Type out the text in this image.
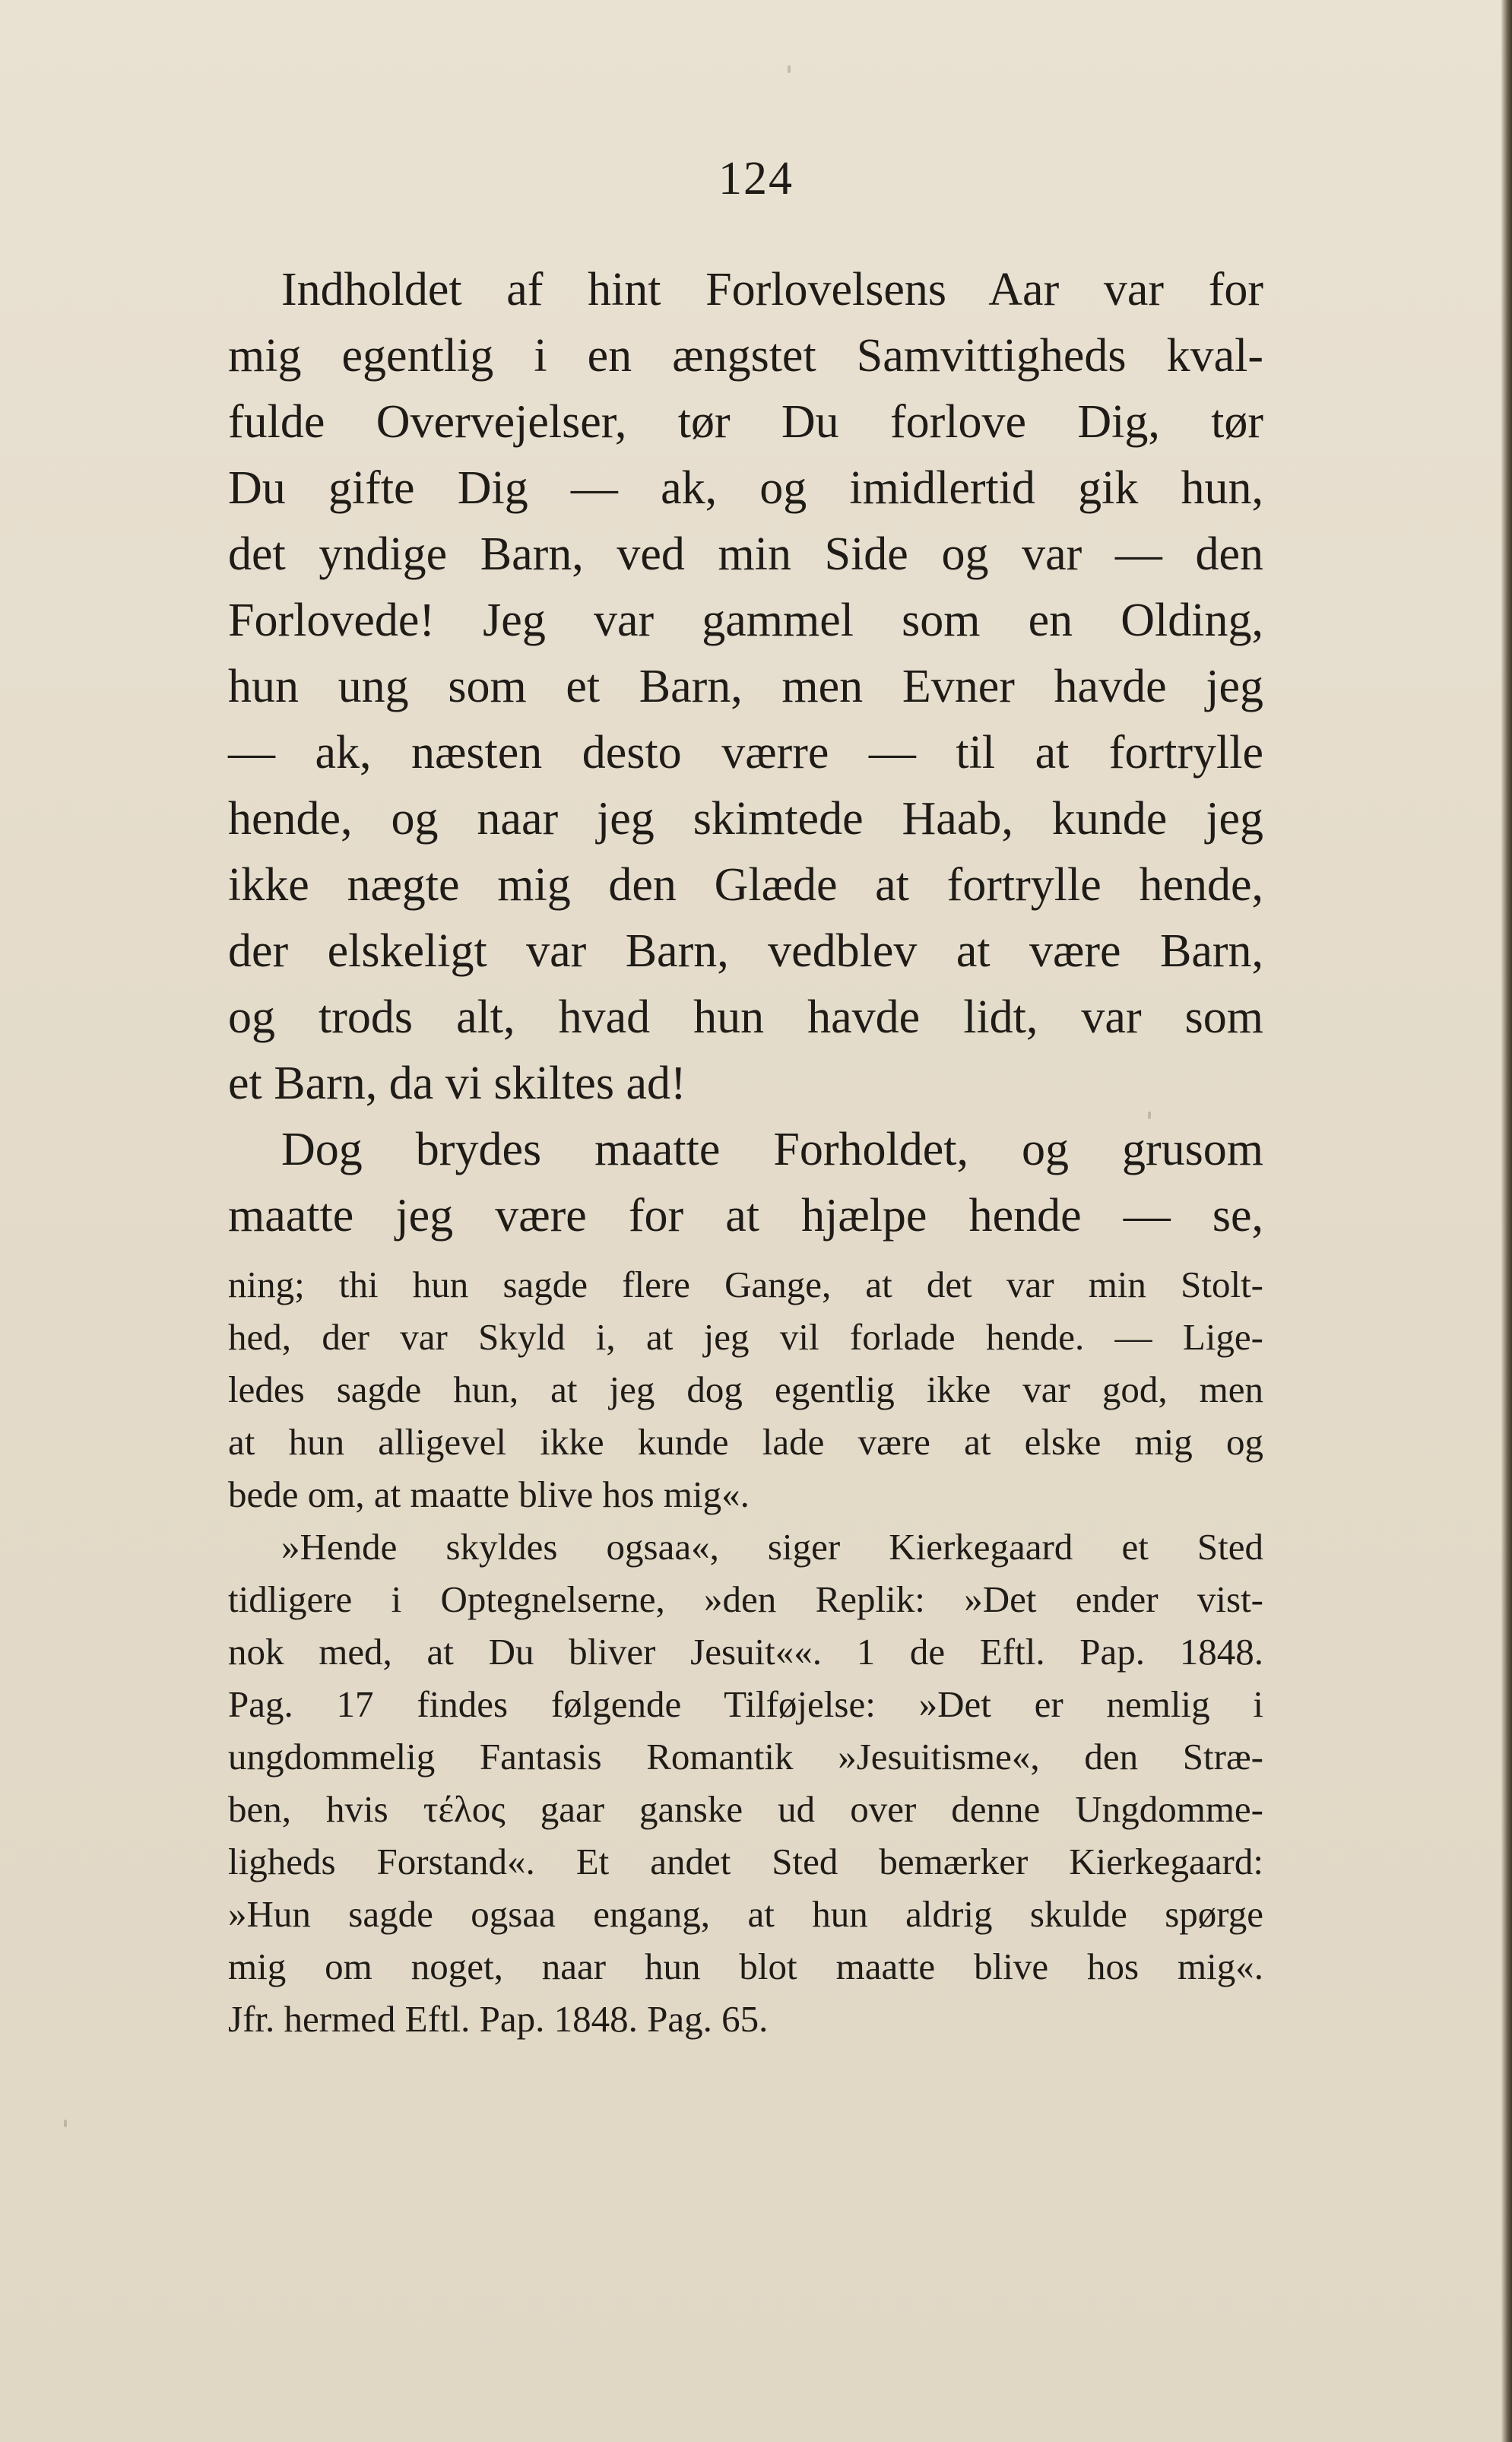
124
Indholdet af hint Forlovelsens Aar var for
mig egentlig i en ængstet Samvittigheds kval-
fulde Overvejelser, tør Du forlove Dig, tør
Du gifte Dig — ak, og imidlertid gik hun,
det yndige Barn, ved min Side og var — den
Forlovede! Jeg var gammel som en Olding,
hun ung som et Barn, men Evner havde jeg
— ak, næsten desto værre — til at fortrylle
hende, og naar jeg skimtede Haab, kunde jeg
ikke nægte mig den Glæde at fortrylle hende,
der elskeligt var Barn, vedblev at være Barn,
og trods alt, hvad hun havde lidt, var som
et Barn, da vi skiltes ad!
Dog brydes maatte Forholdet, og grusom
maatte jeg være for at hjælpe hende — se,
ning; thi hun sagde flere Gange, at det var min Stolt-
hed, der var Skyld i, at jeg vil forlade hende. — Lige-
ledes sagde hun, at jeg dog egentlig ikke var god, men
at hun alligevel ikke kunde lade være at elske mig og
bede om, at maatte blive hos mig«.
»Hende skyldes ogsaa«, siger Kierkegaard et Sted
tidligere i Optegnelserne, »den Replik: »Det ender vist-
nok med, at Du bliver Jesuit««. 1 de Eftl. Pap. 1848.
Pag. 17 findes følgende Tilføjelse: »Det er nemlig i
ungdommelig Fantasis Romantik »Jesuitisme«, den Stræ-
ben, hvis τέλος gaar ganske ud over denne Ungdomme-
ligheds Forstand«. Et andet Sted bemærker Kierkegaard:
»Hun sagde ogsaa engang, at hun aldrig skulde spørge
mig om noget, naar hun blot maatte blive hos mig«.
Jfr. hermed Eftl. Pap. 1848. Pag. 65.
